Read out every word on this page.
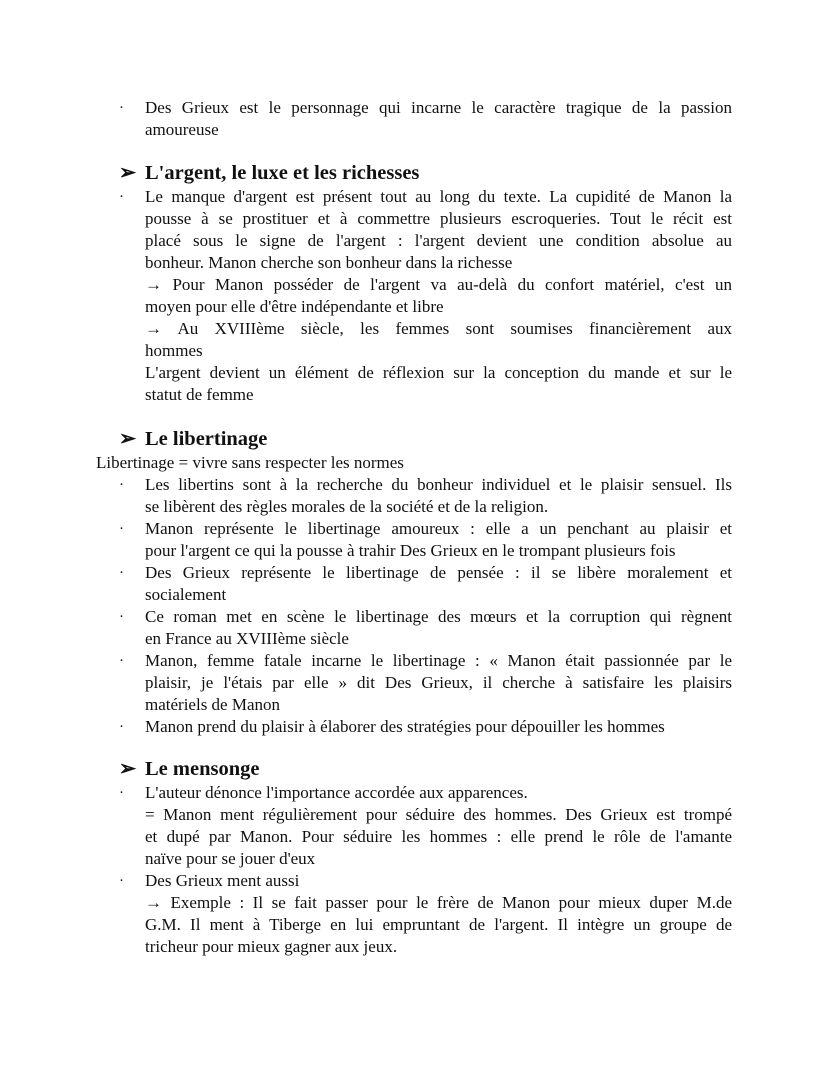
· Des Grieux est le personnage qui incarne le caractère tragique de la passion
amoureuse
➢ L'argent, le luxe et les richesses
· Le manque d'argent est présent tout au long du texte. La cupidité de Manon la
pousse à se prostituer et à commettre plusieurs escroqueries. Tout le récit est
placé sous le signe de l'argent : l'argent devient une condition absolue au
bonheur. Manon cherche son bonheur dans la richesse
→ Pour Manon posséder de l'argent va au-delà du confort matériel, c'est un
moyen pour elle d'être indépendante et libre
→ Au XVIIIème siècle, les femmes sont soumises financièrement aux
hommes
L'argent devient un élément de réflexion sur la conception du mande et sur le
statut de femme
➢ Le libertinage

Libertinage = vivre sans respecter les normes

· Les libertins sont à la recherche du bonheur individuel et le plaisir sensuel. Ils
se libèrent des règles morales de la société et de la religion.
· Manon représente le libertinage amoureux : elle a un penchant au plaisir et
pour l'argent ce qui la pousse à trahir Des Grieux en le trompant plusieurs fois
· Des Grieux représente le libertinage de pensée : il se libère moralement et
socialement
· Ce roman met en scène le libertinage des mœurs et la corruption qui règnent
en France au XVIIIème siècle
· Manon, femme fatale incarne le libertinage : « Manon était passionnée par le
plaisir, je l'étais par elle » dit Des Grieux, il cherche à satisfaire les plaisirs
matériels de Manon
· Manon prend du plaisir à élaborer des stratégies pour dépouiller les hommes
➢ Le mensonge
· L'auteur dénonce l'importance accordée aux apparences.
= Manon ment régulièrement pour séduire des hommes. Des Grieux est trompé
et dupé par Manon. Pour séduire les hommes : elle prend le rôle de l'amante
naïve pour se jouer d'eux
· Des Grieux ment aussi
→ Exemple : Il se fait passer pour le frère de Manon pour mieux duper M.de
G.M. Il ment à Tiberge en lui empruntant de l'argent. Il intègre un groupe de
tricheur pour mieux gagner aux jeux.
